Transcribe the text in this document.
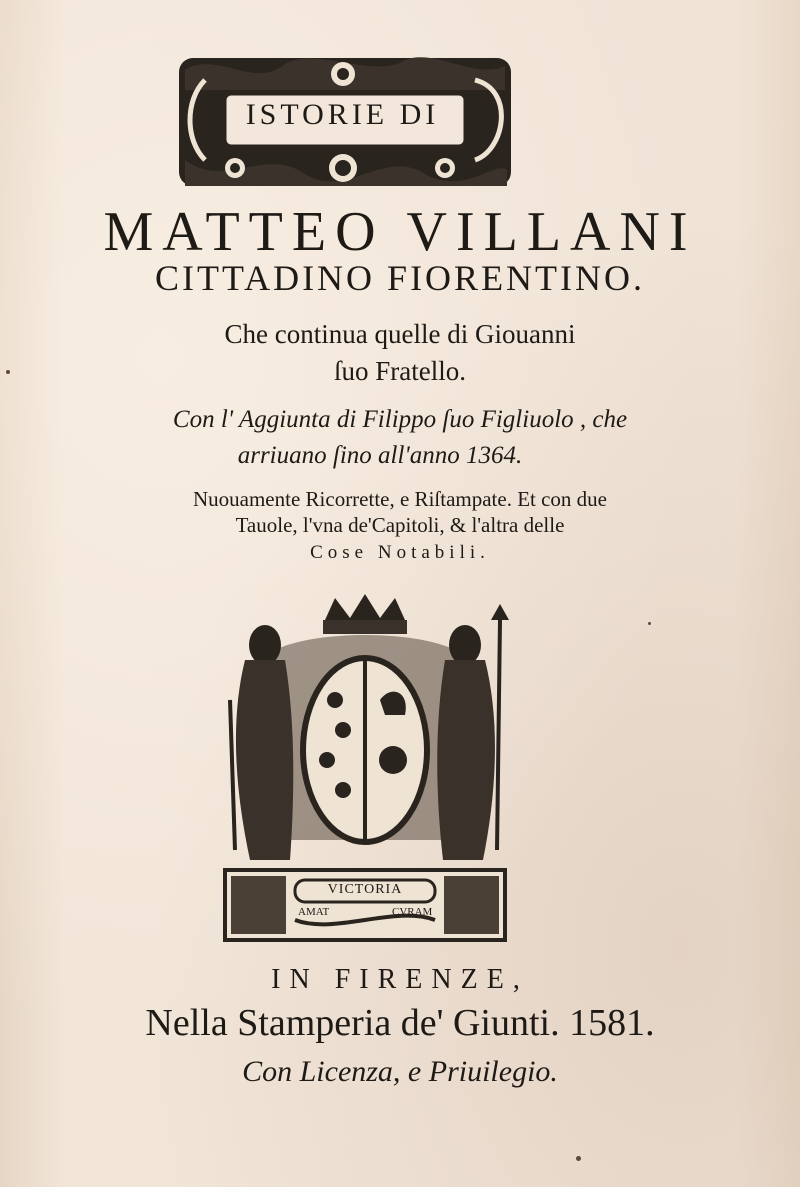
ISTORIE DI
MATTEO VILLANI
CITTADINO FIORENTINO.
Che continua quelle di Giouanni
ſuo Fratello.
Con l' Aggiunta di Filippo ſuo Figliuolo , che
arriuano ſino all'anno 1364.
Nuouamente Ricorrette, e Riſtampate. Et con due
Tauole, l'vna de'Capitoli, & l'altra delle
Cose Notabili.
VICTORIA
AMAT	CVRAM
IN FIRENZE,
Nella Stamperia de' Giunti. 1581.
Con Licenza, e Priuilegio.
